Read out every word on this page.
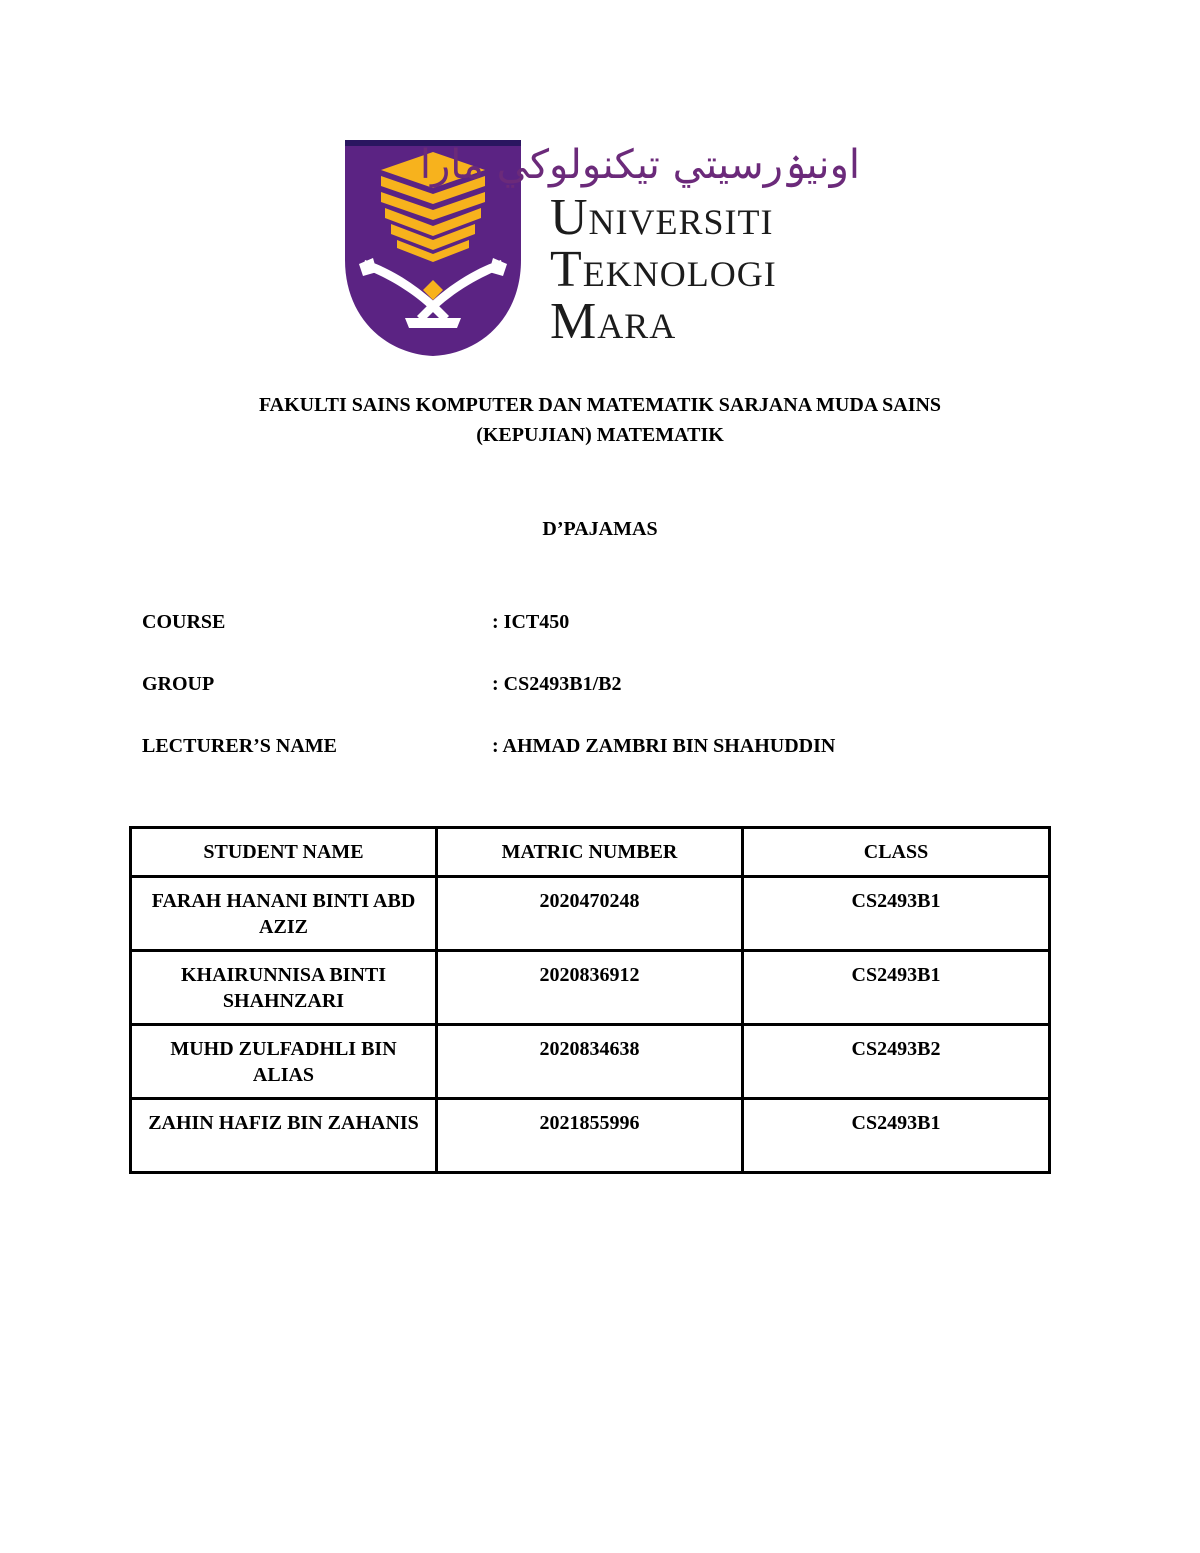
اونيۏرسيتي تيکنولوکي مارا
Universiti
Teknologi
Mara
FAKULTI SAINS KOMPUTER DAN MATEMATIK SARJANA MUDA SAINS
(KEPUJIAN) MATEMATIK
D’PAJAMAS
COURSE	: ICT450
GROUP	: CS2493B1/B2
LECTURER’S NAME	: AHMAD ZAMBRI BIN SHAHUDDIN
STUDENT NAME	MATRIC NUMBER	CLASS
FARAH HANANI BINTI ABD AZIZ	2020470248	CS2493B1
KHAIRUNNISA BINTI SHAHNZARI	2020836912	CS2493B1
MUHD ZULFADHLI BIN ALIAS	2020834638	CS2493B2
ZAHIN HAFIZ BIN ZAHANIS	2021855996	CS2493B1
